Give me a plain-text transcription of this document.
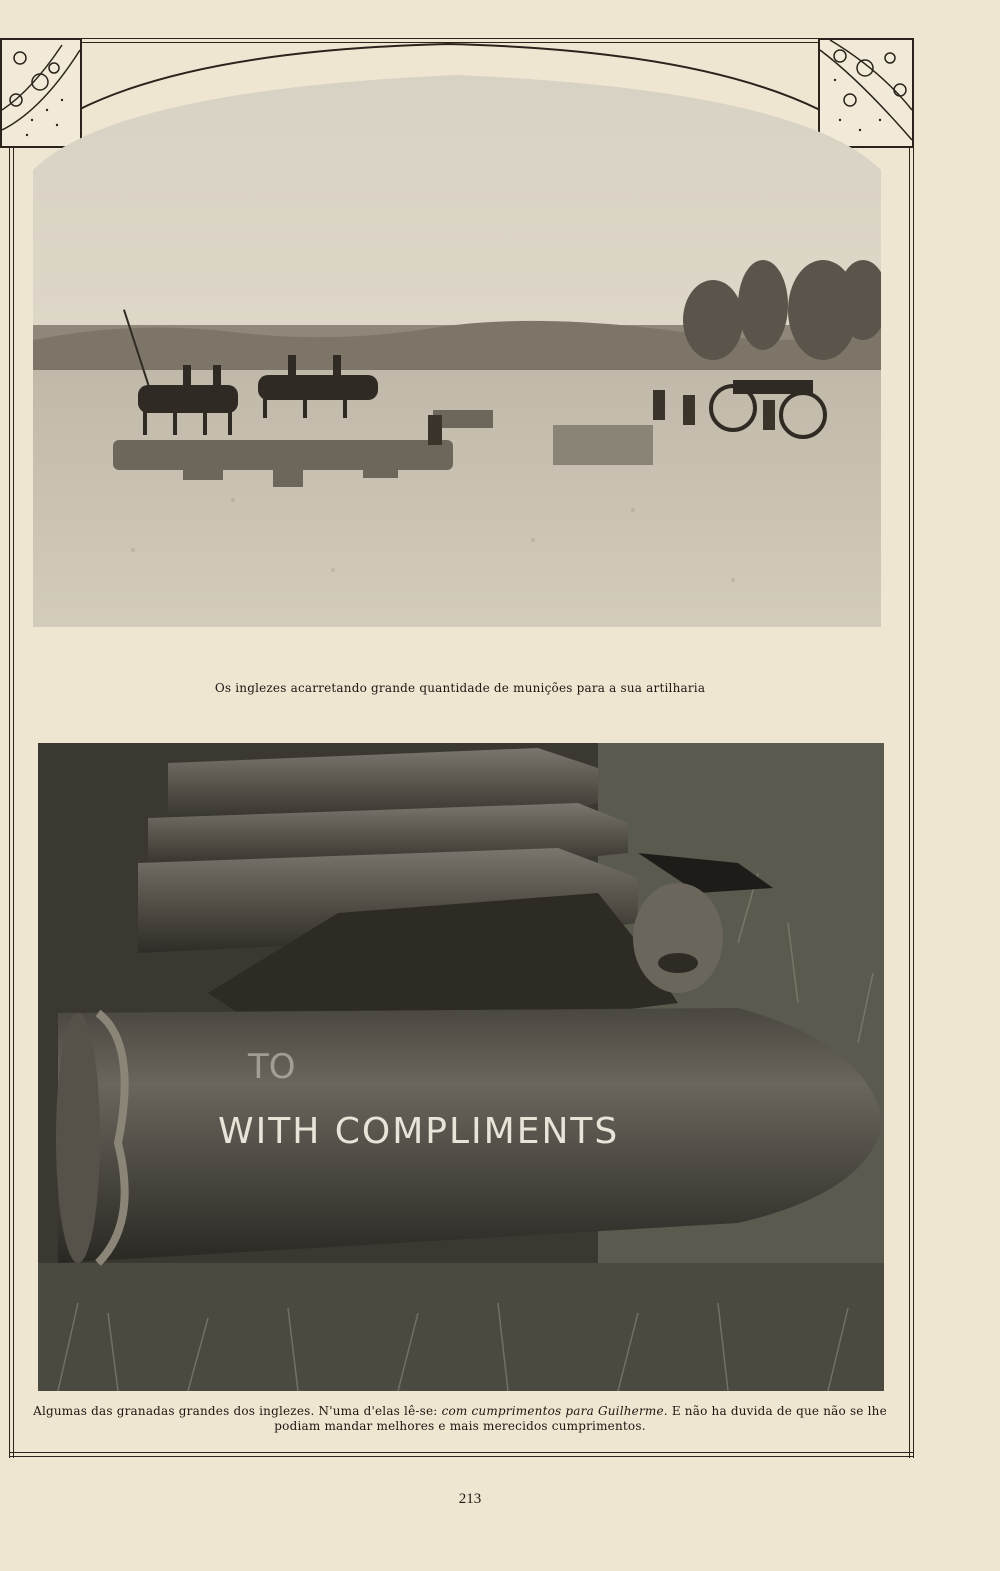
Os inglezes acarretando grande quantidade de munições para a sua artilharia
TO
WITH COMPLIMENTS
Algumas das granadas grandes dos inglezes. N'uma d'elas lê-se: com cumprimentos para Guilherme. E não ha duvida de que não se lhe podiam mandar melhores e mais merecidos cumprimentos.
213
